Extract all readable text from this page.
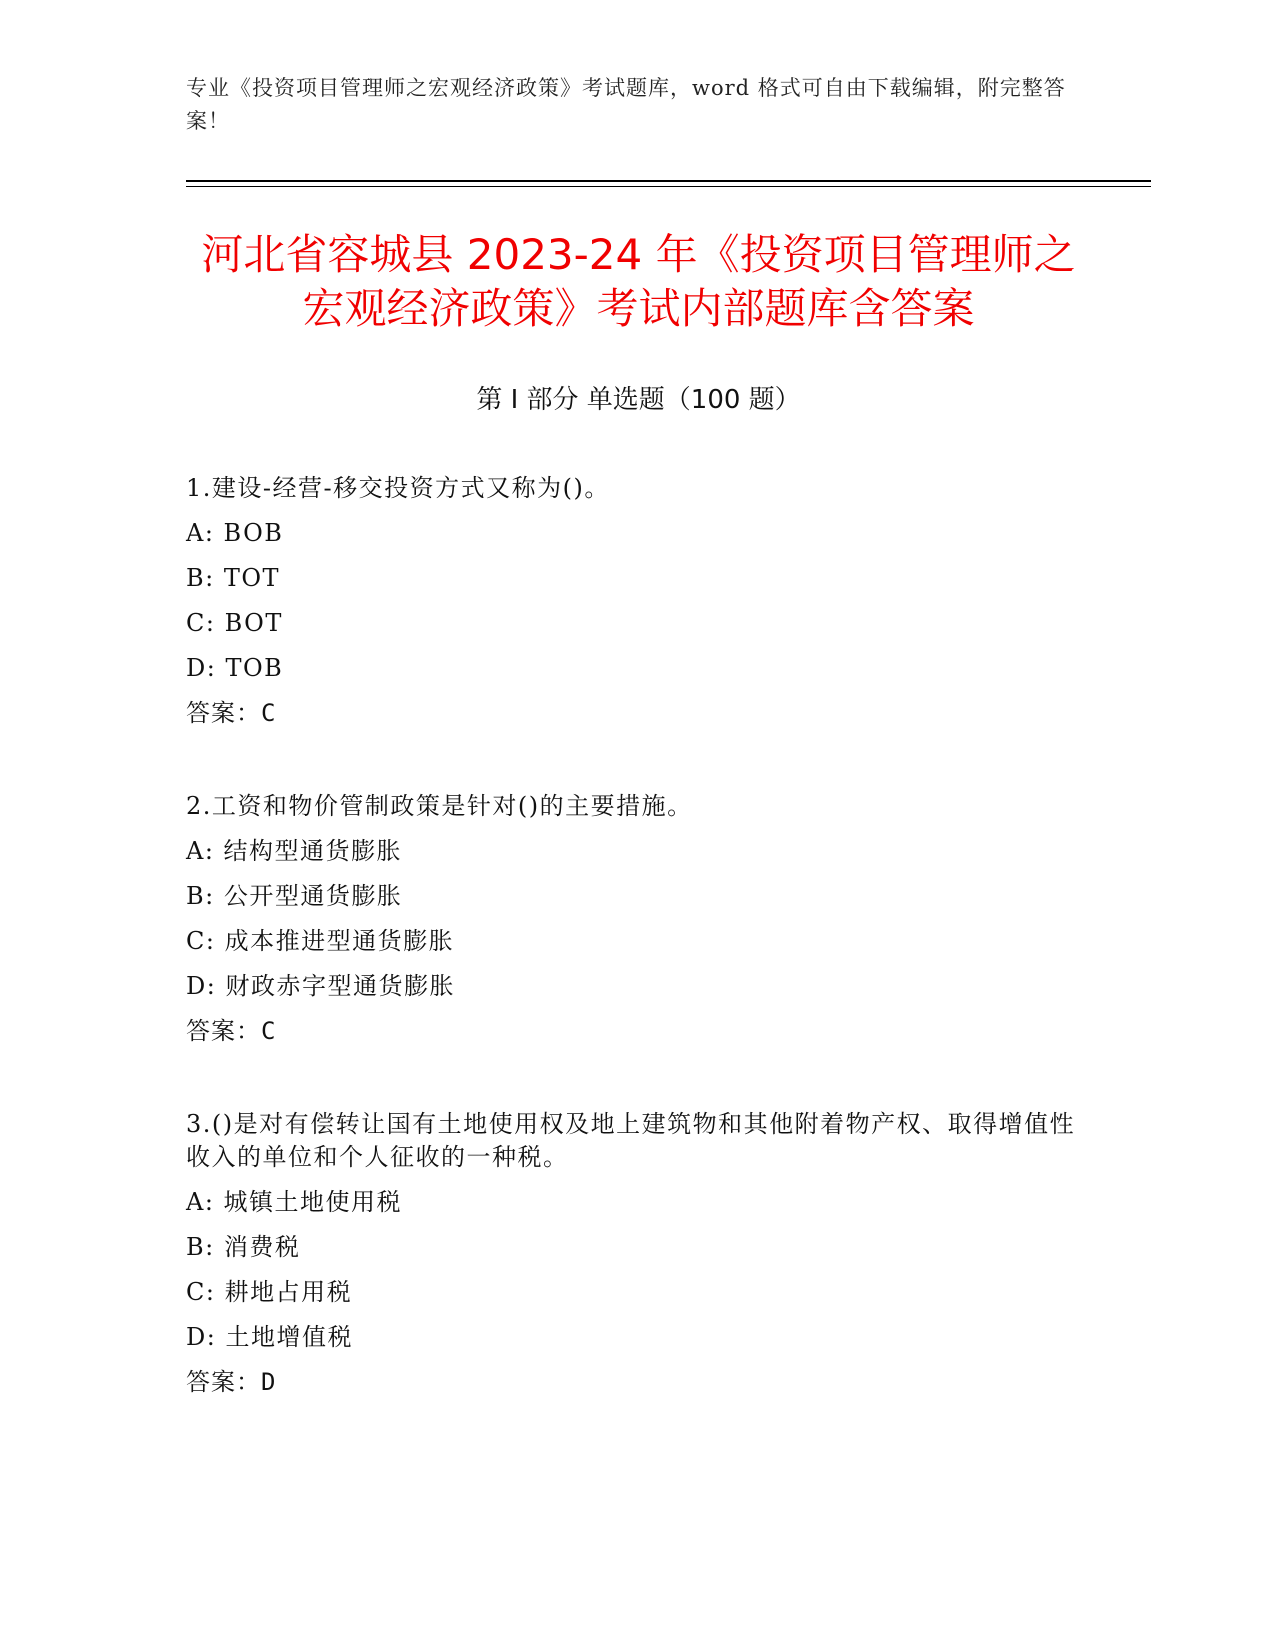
专业《投资项目管理师之宏观经济政策》考试题库，word 格式可自由下载编辑，附完整答案！
河北省容城县 2023-24 年《投资项目管理师之宏观经济政策》考试内部题库含答案
第 I 部分 单选题（100 题）
1.建设-经营-移交投资方式又称为()。
A: BOB
B: TOT
C: BOT
D: TOB
答案：C
2.工资和物价管制政策是针对()的主要措施。
A: 结构型通货膨胀
B: 公开型通货膨胀
C: 成本推进型通货膨胀
D: 财政赤字型通货膨胀
答案：C
3.()是对有偿转让国有土地使用权及地上建筑物和其他附着物产权、取得增值性收入的单位和个人征收的一种税。
A: 城镇土地使用税
B: 消费税
C: 耕地占用税
D: 土地增值税
答案：D
